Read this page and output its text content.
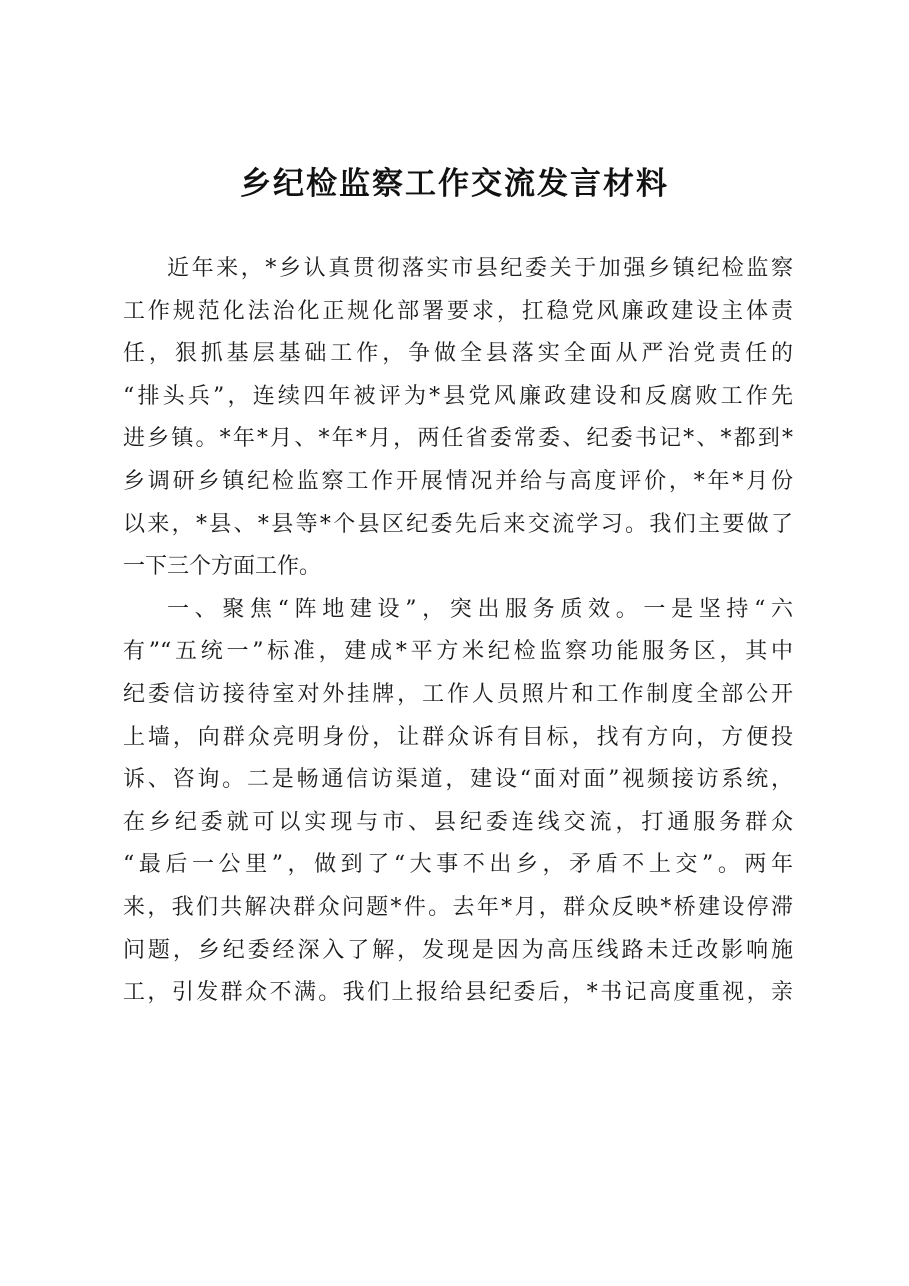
乡纪检监察工作交流发言材料
近年来，*乡认真贯彻落实市县纪委关于加强乡镇纪检监察
工作规范化法治化正规化部署要求，扛稳党风廉政建设主体责
任，狠抓基层基础工作，争做全县落实全面从严治党责任的
“排头兵”，连续四年被评为*县党风廉政建设和反腐败工作先
进乡镇。*年*月、*年*月，两任省委常委、纪委书记*、*都到*
乡调研乡镇纪检监察工作开展情况并给与高度评价，*年*月份
以来，*县、*县等*个县区纪委先后来交流学习。我们主要做了
一下三个方面工作。
一、聚焦“阵地建设”，突出服务质效。一是坚持“六
有”“五统一”标准，建成*平方米纪检监察功能服务区，其中
纪委信访接待室对外挂牌，工作人员照片和工作制度全部公开
上墙，向群众亮明身份，让群众诉有目标，找有方向，方便投
诉、咨询。二是畅通信访渠道，建设“面对面”视频接访系统，
在乡纪委就可以实现与市、县纪委连线交流，打通服务群众
“最后一公里”，做到了“大事不出乡，矛盾不上交”。两年
来，我们共解决群众问题*件。去年*月，群众反映*桥建设停滞
问题，乡纪委经深入了解，发现是因为高压线路未迁改影响施
工，引发群众不满。我们上报给县纪委后，*书记高度重视，亲
